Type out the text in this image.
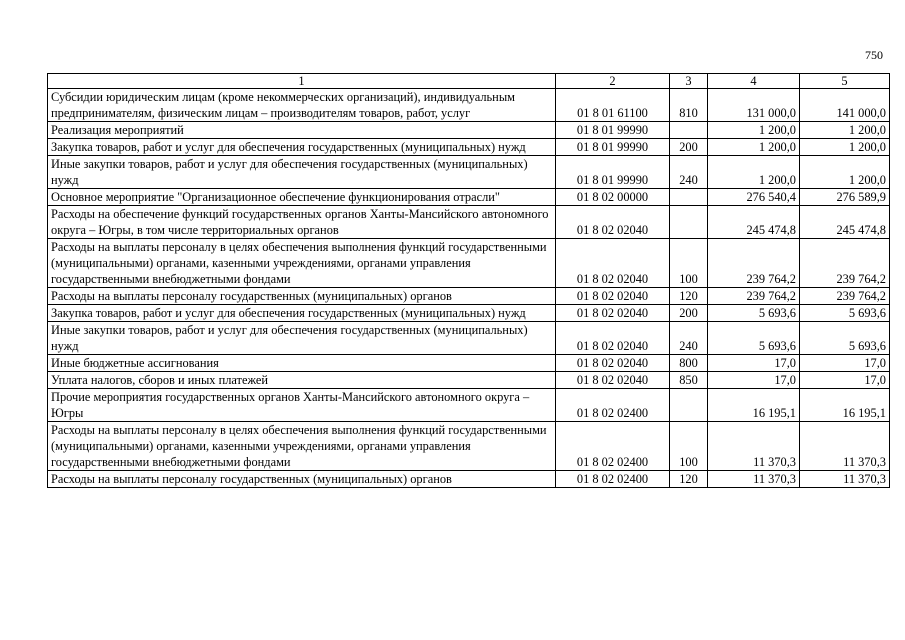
750
1	2	3	4	5
Субсидии юридическим лицам (кроме некоммерческих организаций), индивидуальным предпринимателям, физическим лицам – производителям товаров, работ, услуг	01 8 01 61100	810	131 000,0	141 000,0
Реализация мероприятий	01 8 01 99990		1 200,0	1 200,0
Закупка товаров, работ и услуг для обеспечения государственных (муниципальных) нужд	01 8 01 99990	200	1 200,0	1 200,0
Иные закупки товаров, работ и услуг для обеспечения государственных (муниципальных) нужд	01 8 01 99990	240	1 200,0	1 200,0
Основное мероприятие "Организационное обеспечение функционирования отрасли"	01 8 02 00000		276 540,4	276 589,9
Расходы на обеспечение функций государственных органов Ханты-Мансийского автономного округа – Югры, в том числе территориальных органов	01 8 02 02040		245 474,8	245 474,8
Расходы на выплаты персоналу в целях обеспечения выполнения функций государственными (муниципальными) органами, казенными учреждениями, органами управления государственными внебюджетными фондами	01 8 02 02040	100	239 764,2	239 764,2
Расходы на выплаты персоналу государственных (муниципальных) органов	01 8 02 02040	120	239 764,2	239 764,2
Закупка товаров, работ и услуг для обеспечения государственных (муниципальных) нужд	01 8 02 02040	200	5 693,6	5 693,6
Иные закупки товаров, работ и услуг для обеспечения государственных (муниципальных) нужд	01 8 02 02040	240	5 693,6	5 693,6
Иные бюджетные ассигнования	01 8 02 02040	800	17,0	17,0
Уплата налогов, сборов и иных платежей	01 8 02 02040	850	17,0	17,0
Прочие мероприятия государственных органов Ханты-Мансийского автономного округа – Югры	01 8 02 02400		16 195,1	16 195,1
Расходы на выплаты персоналу в целях обеспечения выполнения функций государственными (муниципальными) органами, казенными учреждениями, органами управления государственными внебюджетными фондами	01 8 02 02400	100	11 370,3	11 370,3
Расходы на выплаты персоналу государственных (муниципальных) органов	01 8 02 02400	120	11 370,3	11 370,3
